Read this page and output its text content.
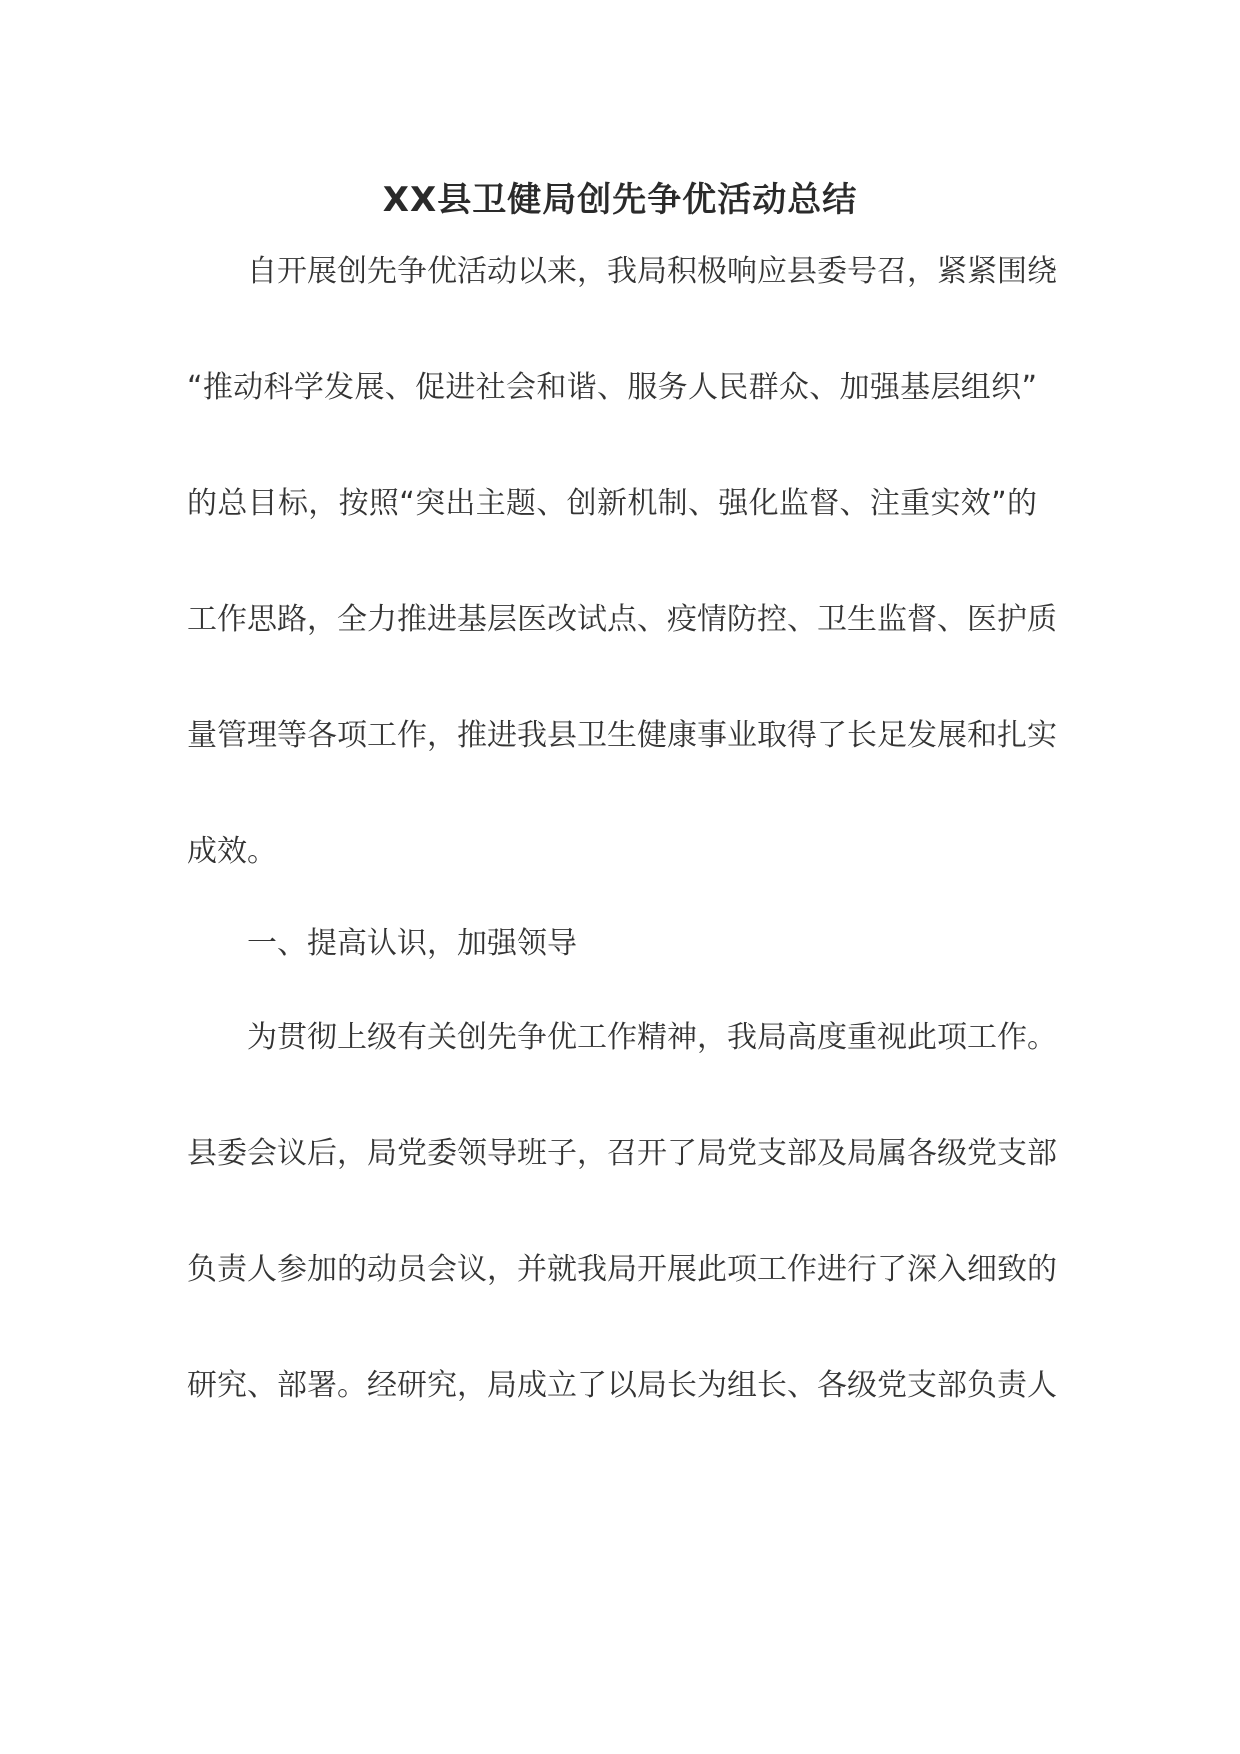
XX县卫健局创先争优活动总结
自开展创先争优活动以来，我局积极响应县委号召，紧紧围绕
“推动科学发展、促进社会和谐、服务人民群众、加强基层组织”
的总目标，按照“突出主题、创新机制、强化监督、注重实效”的
工作思路，全力推进基层医改试点、疫情防控、卫生监督、医护质
量管理等各项工作，推进我县卫生健康事业取得了长足发展和扎实
成效。
一、提高认识，加强领导
为贯彻上级有关创先争优工作精神，我局高度重视此项工作。
县委会议后，局党委领导班子，召开了局党支部及局属各级党支部
负责人参加的动员会议，并就我局开展此项工作进行了深入细致的
研究、部署。经研究，局成立了以局长为组长、各级党支部负责人
